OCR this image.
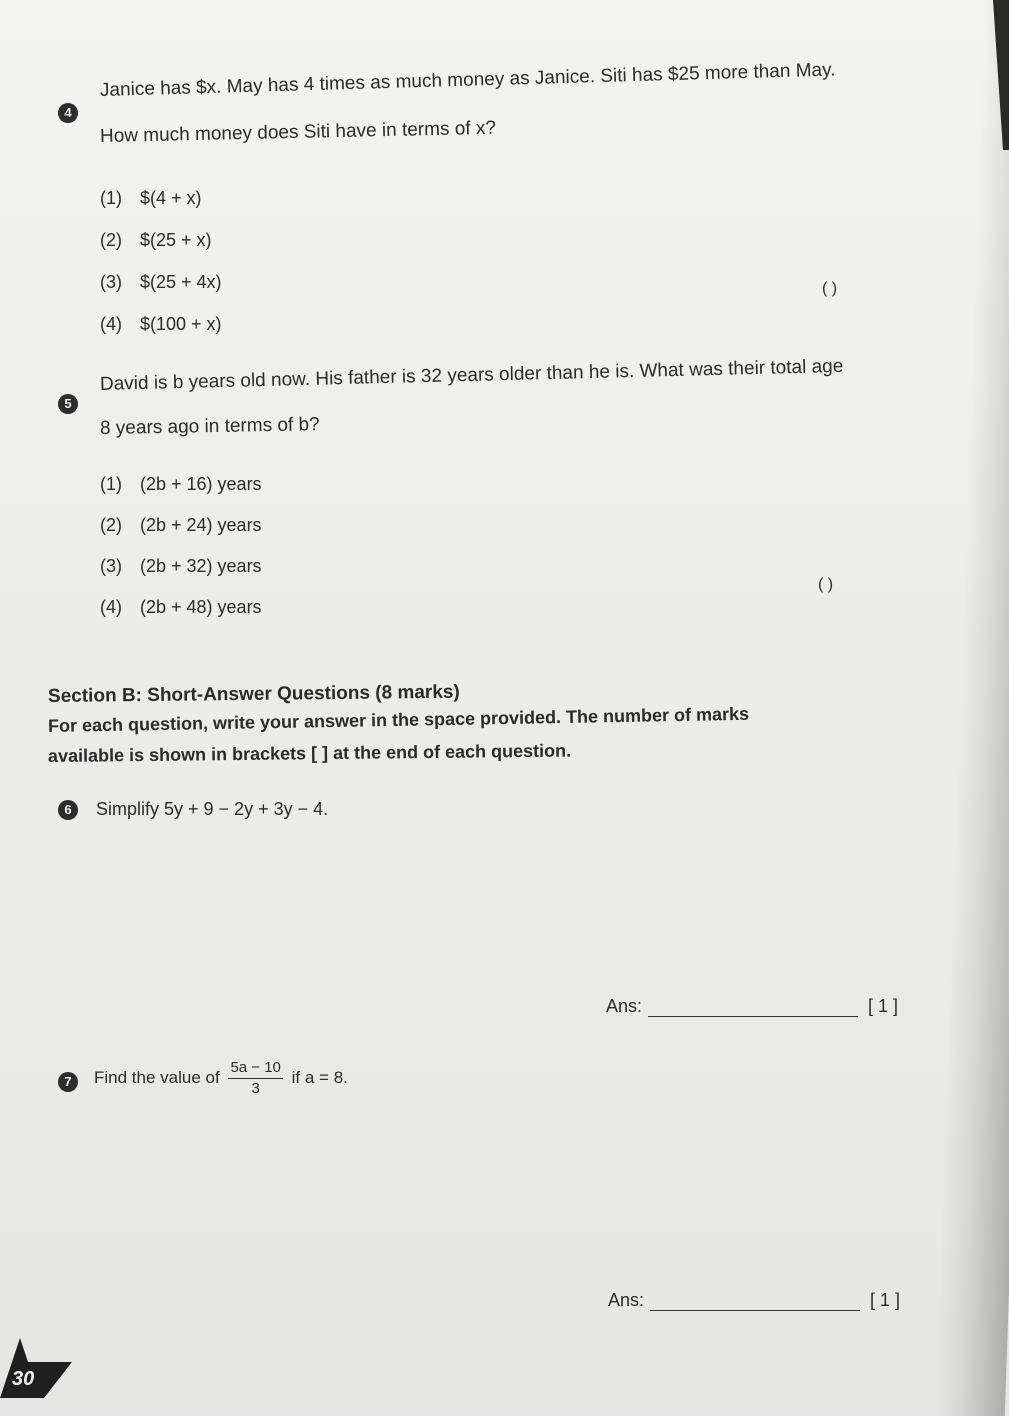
4
Janice has $x. May has 4 times as much money as Janice. Siti has $25 more than May.
How much money does Siti have in terms of x?
(1) $(4 + x)
(2) $(25 + x)
(3) $(25 + 4x)
(4) $(100 + x)
( )
5
David is b years old now. His father is 32 years older than he is. What was their total age
8 years ago in terms of b?
(1) (2b + 16) years
(2) (2b + 24) years
(3) (2b + 32) years
(4) (2b + 48) years
( )
Section B: Short-Answer Questions (8 marks)
For each question, write your answer in the space provided. The number of marks
available is shown in brackets [ ] at the end of each question.
6	Simplify 5y + 9 − 2y + 3y − 4.
Ans:	[ 1 ]
7	Find the value of $\frac{5a - 10}{3}$ if a = 8.
Ans:	[ 1 ]
30
